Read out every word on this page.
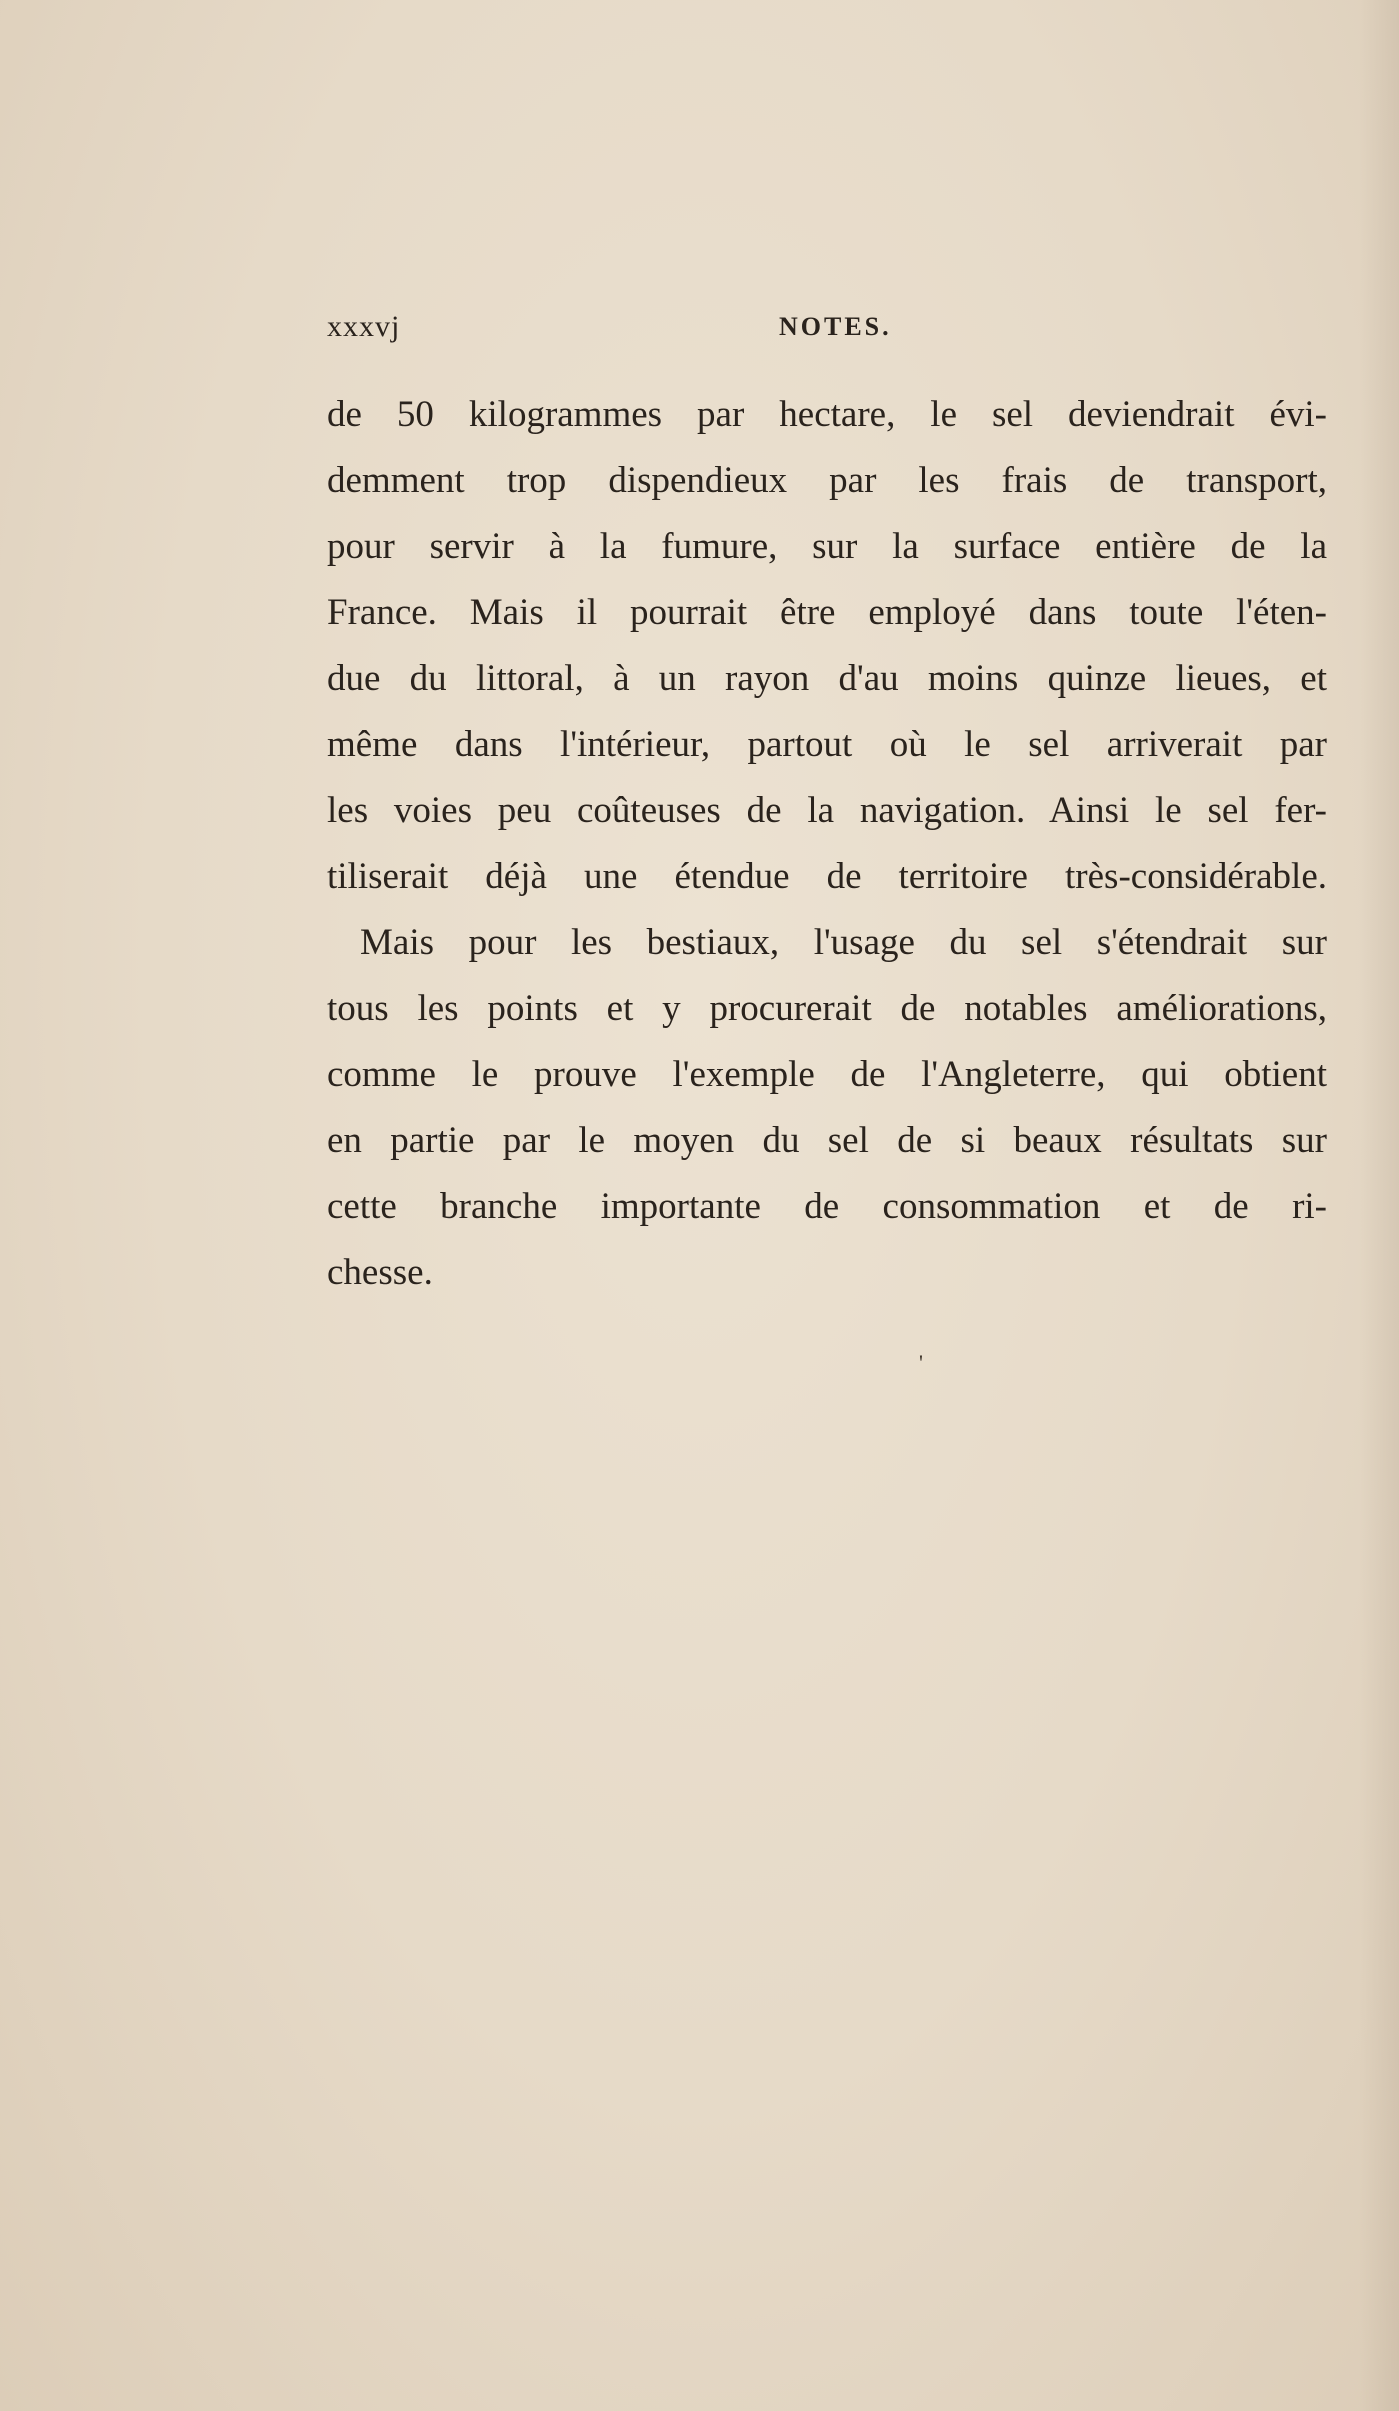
xxxvj	NOTES.
de 50 kilogrammes par hectare, le sel deviendrait évi-
demment trop dispendieux par les frais de transport,
pour servir à la fumure, sur la surface entière de la
France. Mais il pourrait être employé dans toute l'éten-
due du littoral, à un rayon d'au moins quinze lieues, et
même dans l'intérieur, partout où le sel arriverait par
les voies peu coûteuses de la navigation. Ainsi le sel fer-
tiliserait déjà une étendue de territoire très-considérable.
Mais pour les bestiaux, l'usage du sel s'étendrait sur
tous les points et y procurerait de notables améliorations,
comme le prouve l'exemple de l'Angleterre, qui obtient
en partie par le moyen du sel de si beaux résultats sur
cette branche importante de consommation et de ri-
chesse.
'
